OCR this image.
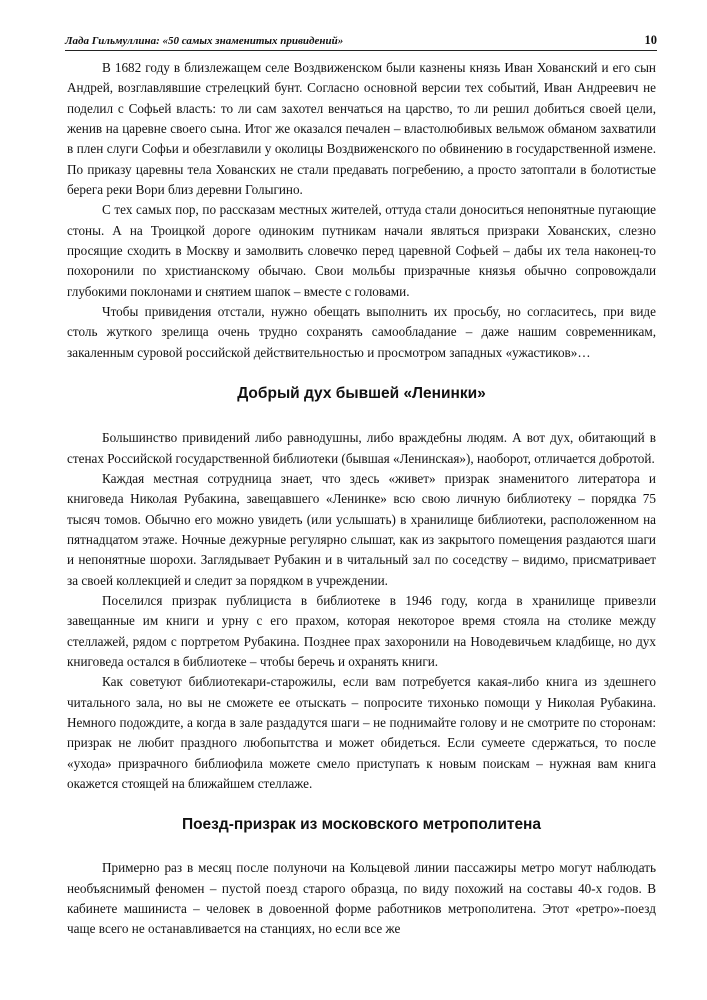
Лада Гильмуллина: «50 самых знаменитых привидений»	10

В 1682 году в близлежащем селе Воздвиженском были казнены князь Иван Хованский и его сын Андрей, возглавлявшие стрелецкий бунт. Согласно основной версии тех событий, Иван Андреевич не поделил с Софьей власть: то ли сам захотел венчаться на царство, то ли решил добиться своей цели, женив на царевне своего сына. Итог же оказался печален – властолюбивых вельмож обманом захватили в плен слуги Софьи и обезглавили у околицы Воздвиженского по обвинению в государственной измене. По приказу царевны тела Хованских не стали предавать погребению, а просто затоптали в болотистые берега реки Вори близ деревни Голыгино.

С тех самых пор, по рассказам местных жителей, оттуда стали доноситься непонятные пугающие стоны. А на Троицкой дороге одиноким путникам начали являться призраки Хованских, слезно просящие сходить в Москву и замолвить словечко перед царевной Софьей – дабы их тела наконец-то похоронили по христианскому обычаю. Свои мольбы призрачные князья обычно сопровождали глубокими поклонами и снятием шапок – вместе с головами.

Чтобы привидения отстали, нужно обещать выполнить их просьбу, но согласитесь, при виде столь жуткого зрелища очень трудно сохранять самообладание – даже нашим современникам, закаленным суровой российской действительностью и просмотром западных «ужастиков»…

Добрый дух бывшей «Ленинки»

Большинство привидений либо равнодушны, либо враждебны людям. А вот дух, обитающий в стенах Российской государственной библиотеки (бывшая «Ленинская»), наоборот, отличается добротой.

Каждая местная сотрудница знает, что здесь «живет» призрак знаменитого литератора и книговеда Николая Рубакина, завещавшего «Ленинке» всю свою личную библиотеку – порядка 75 тысяч томов. Обычно его можно увидеть (или услышать) в хранилище библиотеки, расположенном на пятнадцатом этаже. Ночные дежурные регулярно слышат, как из закрытого помещения раздаются шаги и непонятные шорохи. Заглядывает Рубакин и в читальный зал по соседству – видимо, присматривает за своей коллекцией и следит за порядком в учреждении.

Поселился призрак публициста в библиотеке в 1946 году, когда в хранилище привезли завещанные им книги и урну с его прахом, которая некоторое время стояла на столике между стеллажей, рядом с портретом Рубакина. Позднее прах захоронили на Новодевичьем кладбище, но дух книговеда остался в библиотеке – чтобы беречь и охранять книги.

Как советуют библиотекари-старожилы, если вам потребуется какая-либо книга из здешнего читального зала, но вы не сможете ее отыскать – попросите тихонько помощи у Николая Рубакина. Немного подождите, а когда в зале раздадутся шаги – не поднимайте голову и не смотрите по сторонам: призрак не любит праздного любопытства и может обидеться. Если сумеете сдержаться, то после «ухода» призрачного библиофила можете смело приступать к новым поискам – нужная вам книга окажется стоящей на ближайшем стеллаже.

Поезд-призрак из московского метрополитена

Примерно раз в месяц после полуночи на Кольцевой линии пассажиры метро могут наблюдать необъяснимый феномен – пустой поезд старого образца, по виду похожий на составы 40-х годов. В кабинете машиниста – человек в довоенной форме работников метрополитена. Этот «ретро»-поезд чаще всего не останавливается на станциях, но если все же
